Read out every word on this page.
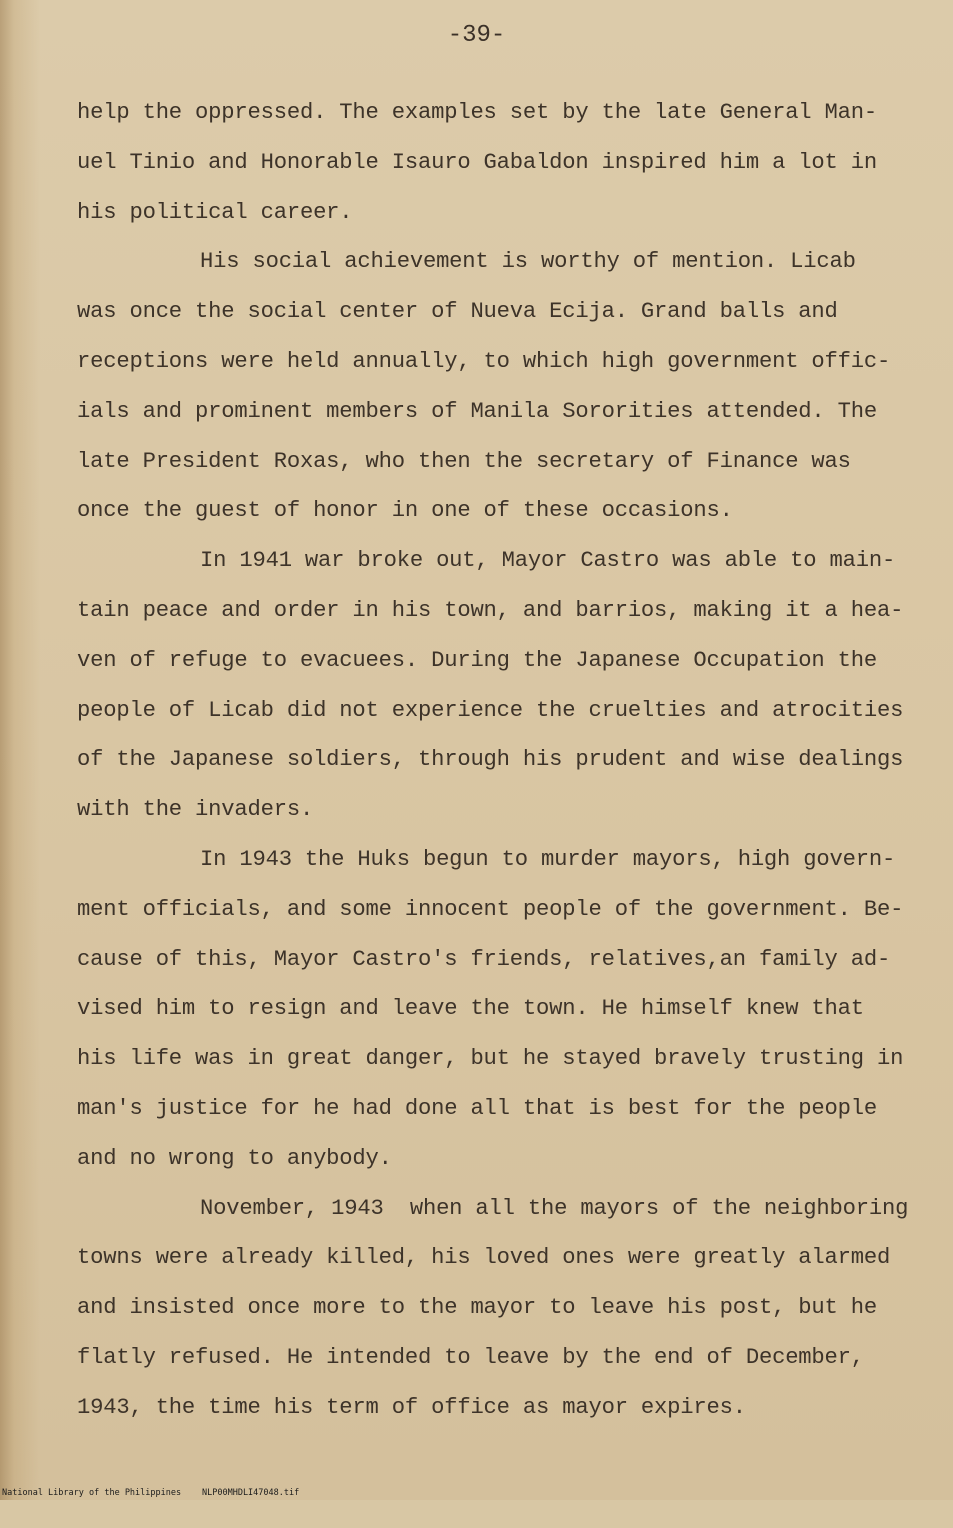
-39-
help the oppressed. The examples set by the late General Man-
uel Tinio and Honorable Isauro Gabaldon inspired him a lot in
his political career.
His social achievement is worthy of mention. Licab
was once the social center of Nueva Ecija. Grand balls and
receptions were held annually, to which high government offic-
ials and prominent members of Manila Sororities attended. The
late President Roxas, who then the secretary of Finance was
once the guest of honor in one of these occasions.
In 1941 war broke out, Mayor Castro was able to main-
tain peace and order in his town, and barrios, making it a hea-
ven of refuge to evacuees. During the Japanese Occupation the
people of Licab did not experience the cruelties and atrocities
of the Japanese soldiers, through his prudent and wise dealings
with the invaders.
In 1943 the Huks begun to murder mayors, high govern-
ment officials, and some innocent people of the government. Be-
cause of this, Mayor Castro's friends, relatives,an family ad-
vised him to resign and leave the town. He himself knew that
his life was in great danger, but he stayed bravely trusting in
man's justice for he had done all that is best for the people
and no wrong to anybody.
November, 1943  when all the mayors of the neighboring
towns were already killed, his loved ones were greatly alarmed
and insisted once more to the mayor to leave his post, but he
flatly refused. He intended to leave by the end of December,
1943, the time his term of office as mayor expires.

National Library of the Philippines

NLP00MHDLI47048.tif
